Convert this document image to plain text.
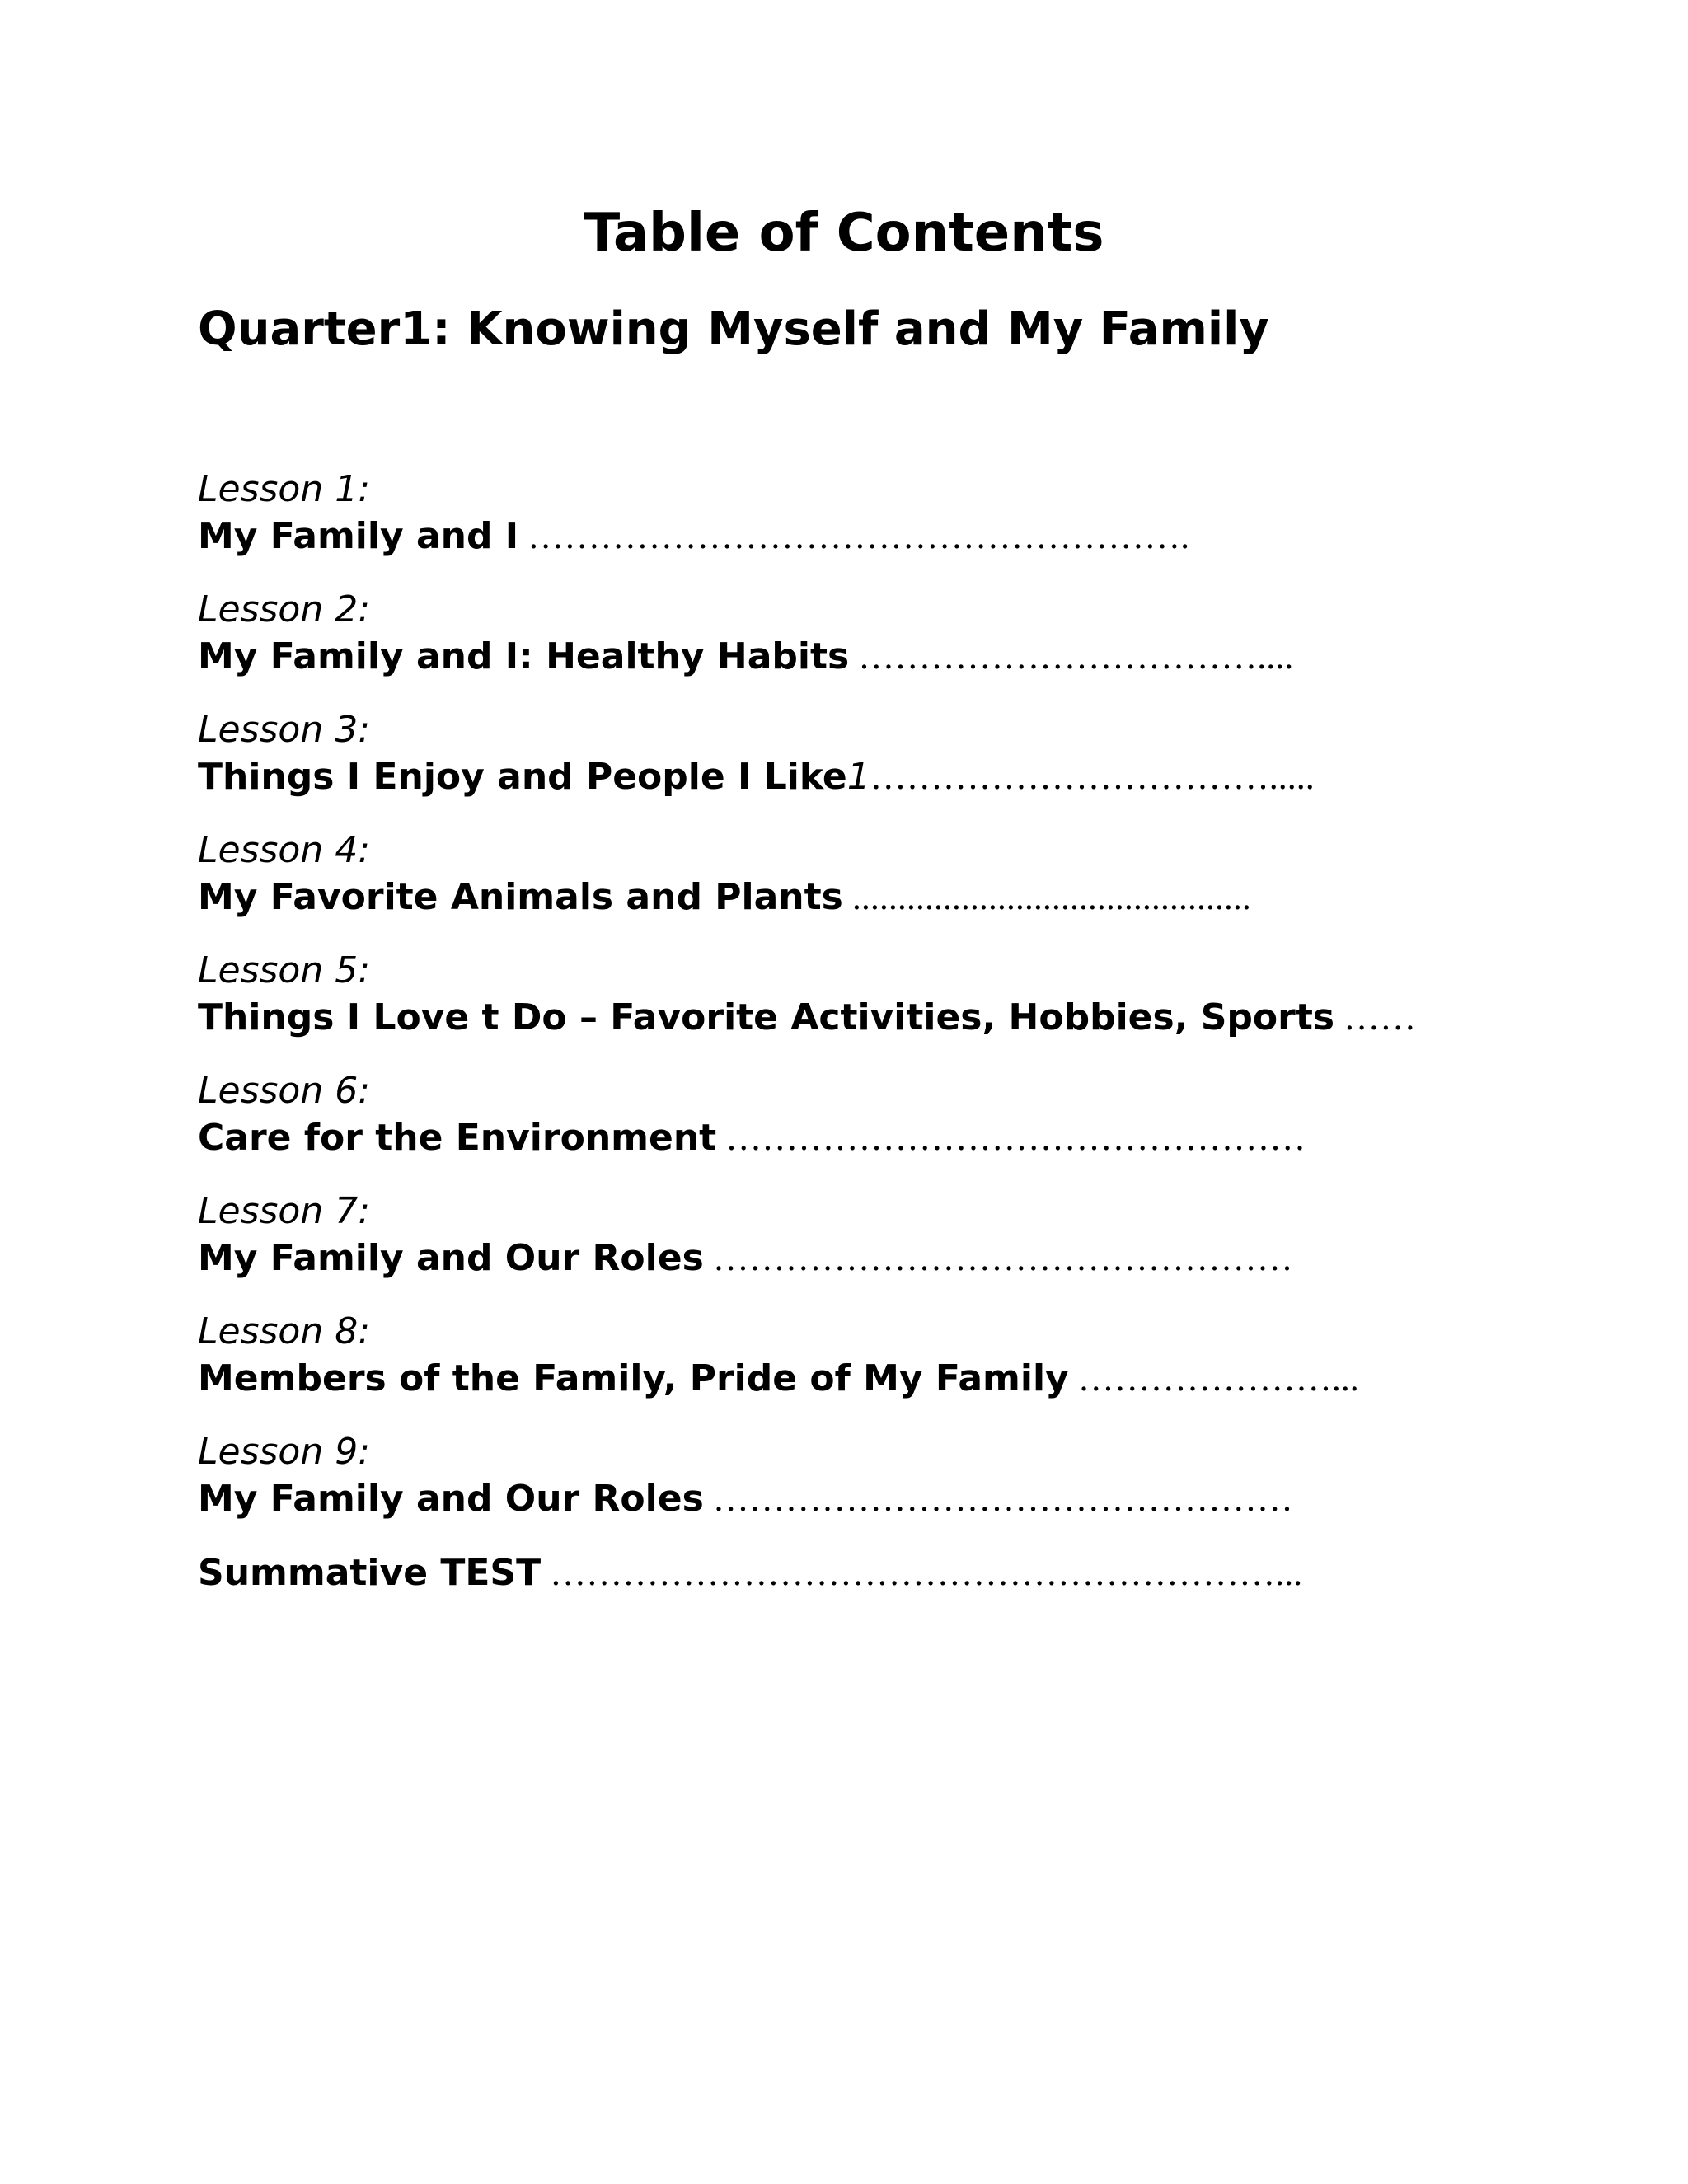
Table of Contents
Quarter1: Knowing Myself and My Family
Lesson 1:
My Family and I ……………………………………………….
Lesson 2:
My Family and I: Healthy Habits ……………………………....
Lesson 3:
Things I Enjoy and People I Like1…………………………….....
Lesson 4:
My Favorite Animals and Plants ............................................
Lesson 5:
Things I Love t Do – Favorite Activities, Hobbies, Sports ……
Lesson 6:
Care for the Environment …………………………………………
Lesson 7:
My Family and Our Roles …………………………………………
Lesson 8:
Members of the Family, Pride of My Family …………………...
Lesson 9:
My Family and Our Roles …………………………………………
Summative TEST ……………………………………………………...
